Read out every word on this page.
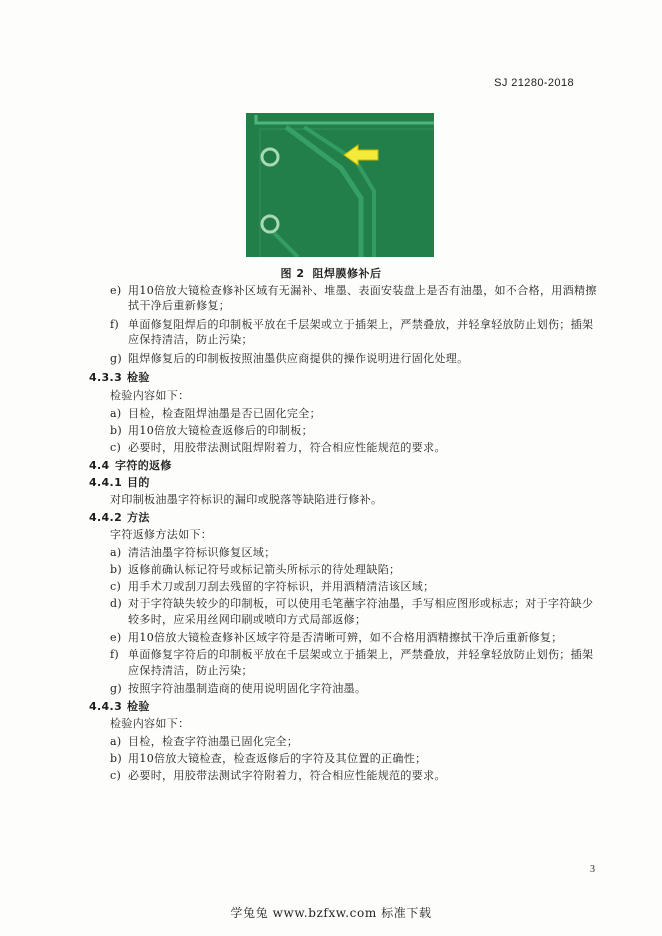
SJ 21280-2018
图 2 阻焊膜修补后
e) 用10倍放大镜检查修补区域有无漏补、堆墨、表面安装盘上是否有油墨，如不合格，用酒精擦
拭干净后重新修复；
f) 单面修复阻焊后的印制板平放在千层架或立于插架上，严禁叠放，并轻拿轻放防止划伤；插架
应保持清洁，防止污染；
g) 阻焊修复后的印制板按照油墨供应商提供的操作说明进行固化处理。
4.3.3 检验
检验内容如下：
a) 目检，检查阻焊油墨是否已固化完全；
b) 用10倍放大镜检查返修后的印制板；
c) 必要时，用胶带法测试阻焊附着力，符合相应性能规范的要求。
4.4 字符的返修
4.4.1 目的
对印制板油墨字符标识的漏印或脱落等缺陷进行修补。
4.4.2 方法
字符返修方法如下：
a) 清洁油墨字符标识修复区域；
b) 返修前确认标记符号或标记箭头所标示的待处理缺陷；
c) 用手术刀或刮刀刮去残留的字符标识，并用酒精清洁该区域；
d) 对于字符缺失较少的印制板，可以使用毛笔蘸字符油墨，手写相应图形或标志；对于字符缺少
较多时，应采用丝网印刷或喷印方式局部返修；
e) 用10倍放大镜检查修补区域字符是否清晰可辨，如不合格用酒精擦拭干净后重新修复；
f) 单面修复字符后的印制板平放在千层架或立于插架上，严禁叠放，并轻拿轻放防止划伤；插架
应保持清洁，防止污染；
g) 按照字符油墨制造商的使用说明固化字符油墨。
4.4.3 检验
检验内容如下：
a) 目检，检查字符油墨已固化完全；
b) 用10倍放大镜检查，检查返修后的字符及其位置的正确性；
c) 必要时，用胶带法测试字符附着力，符合相应性能规范的要求。
3
学兔兔 www.bzfxw.com 标准下载
